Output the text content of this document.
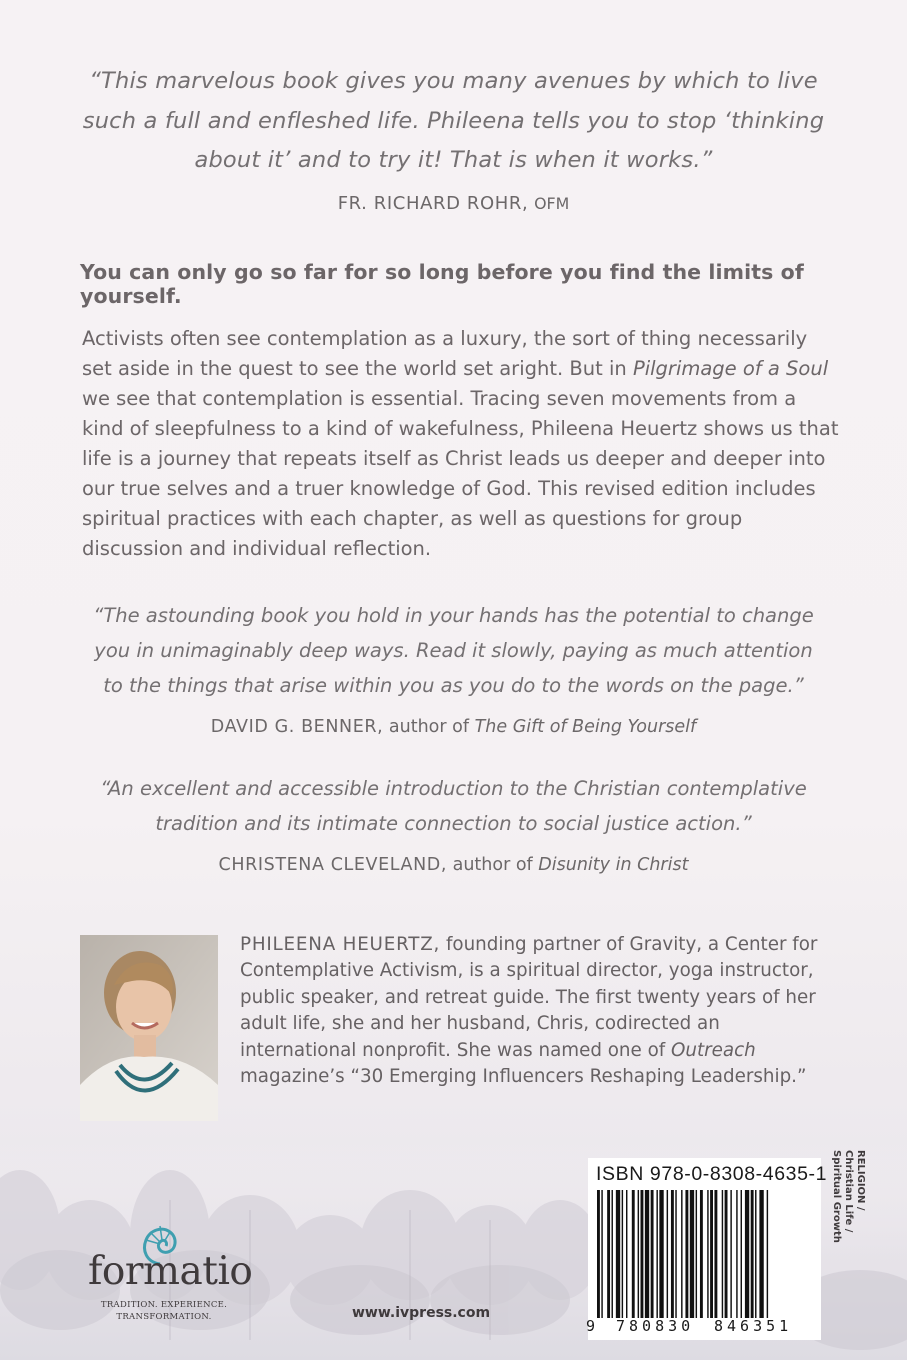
“This marvelous book gives you many avenues by which to live such a full and enfleshed life. Phileena tells you to stop ‘thinking about it’ and to try it! That is when it works.”
FR. RICHARD ROHR, OFM
You can only go so far for so long before you find the limits of yourself.
Activists often see contemplation as a luxury, the sort of thing necessarily set aside in the quest to see the world set aright. But in Pilgrimage of a Soul we see that contemplation is essential. Tracing seven movements from a kind of sleepfulness to a kind of wakefulness, Phileena Heuertz shows us that life is a journey that repeats itself as Christ leads us deeper and deeper into our true selves and a truer knowledge of God. This revised edition includes spiritual practices with each chapter, as well as questions for group discussion and individual reflection.
“The astounding book you hold in your hands has the potential to change you in unimaginably deep ways. Read it slowly, paying as much attention to the things that arise within you as you do to the words on the page.”
DAVID G. BENNER, author of The Gift of Being Yourself
“An excellent and accessible introduction to the Christian contemplative tradition and its intimate connection to social justice action.”
CHRISTENA CLEVELAND, author of Disunity in Christ
PHILEENA HEUERTZ, founding partner of Gravity, a Center for Contemplative Activism, is a spiritual director, yoga instructor, public speaker, and retreat guide. The first twenty years of her adult life, she and her husband, Chris, codirected an international nonprofit. She was named one of Outreach magazine’s “30 Emerging Influencers Reshaping Leadership.”
formatio
TRADITION. EXPERIENCE.
TRANSFORMATION.	www.ivpress.com
ISBN 978-0-8308-4635-1
9 780830 846351
RELIGION / Christian Life /
Spiritual Growth
